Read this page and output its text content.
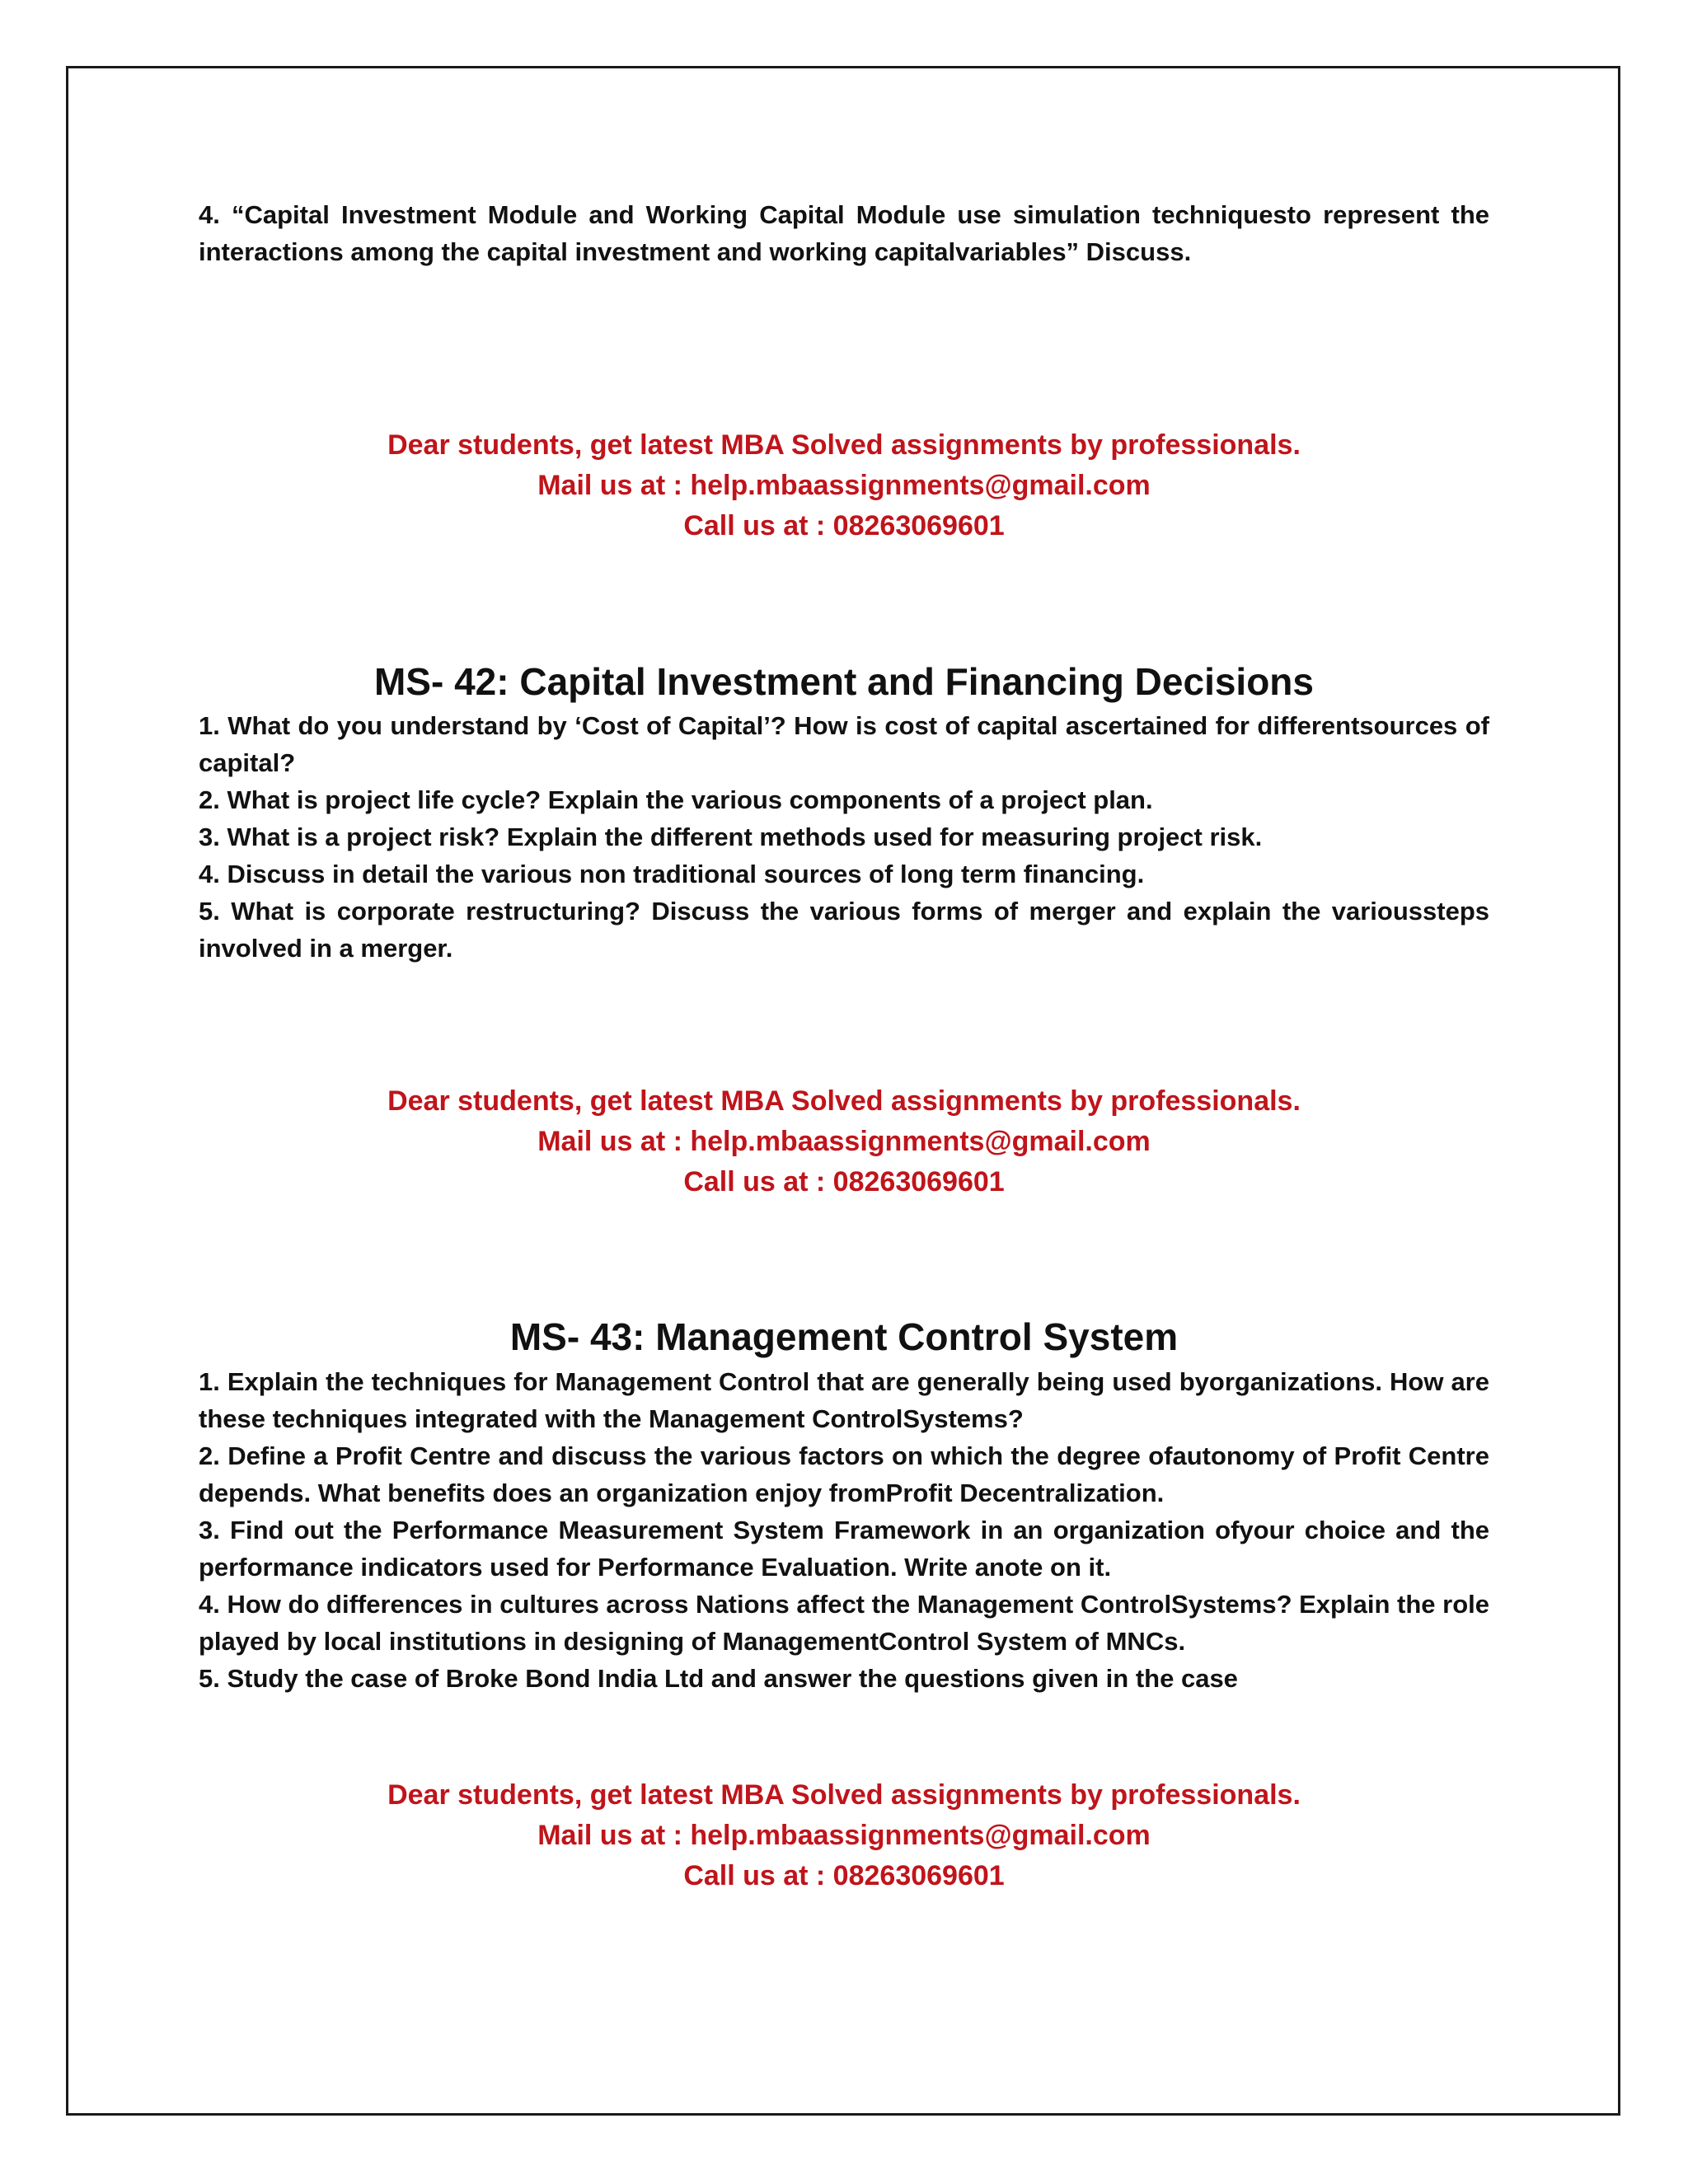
4. “Capital Investment Module and Working Capital Module use simulation techniquesto represent the interactions among the capital investment and working capitalvariables” Discuss.

Dear students, get latest MBA Solved assignments by professionals.
Mail us at : help.mbaassignments@gmail.com
Call us at : 08263069601
MS- 42: Capital Investment and Financing Decisions

1. What do you understand by ‘Cost of Capital’? How is cost of capital ascertained for differentsources of capital?

2. What is project life cycle? Explain the various components of a project plan.

3. What is a project risk? Explain the different methods used for measuring project risk.

4. Discuss in detail the various non traditional sources of long term financing.

5. What is corporate restructuring? Discuss the various forms of merger and explain the varioussteps involved in a merger.

Dear students, get latest MBA Solved assignments by professionals.
Mail us at : help.mbaassignments@gmail.com
Call us at : 08263069601
MS- 43: Management Control System

1. Explain the techniques for Management Control that are generally being used byorganizations. How are these techniques integrated with the Management ControlSystems?

2. Define a Profit Centre and discuss the various factors on which the degree ofautonomy of Profit Centre depends. What benefits does an organization enjoy fromProfit Decentralization.

3. Find out the Performance Measurement System Framework in an organization ofyour choice and the performance indicators used for Performance Evaluation. Write anote on it.

4. How do differences in cultures across Nations affect the Management ControlSystems? Explain the role played by local institutions in designing of ManagementControl System of MNCs.

5. Study the case of Broke Bond India Ltd and answer the questions given in the case

Dear students, get latest MBA Solved assignments by professionals.
Mail us at : help.mbaassignments@gmail.com
Call us at : 08263069601
